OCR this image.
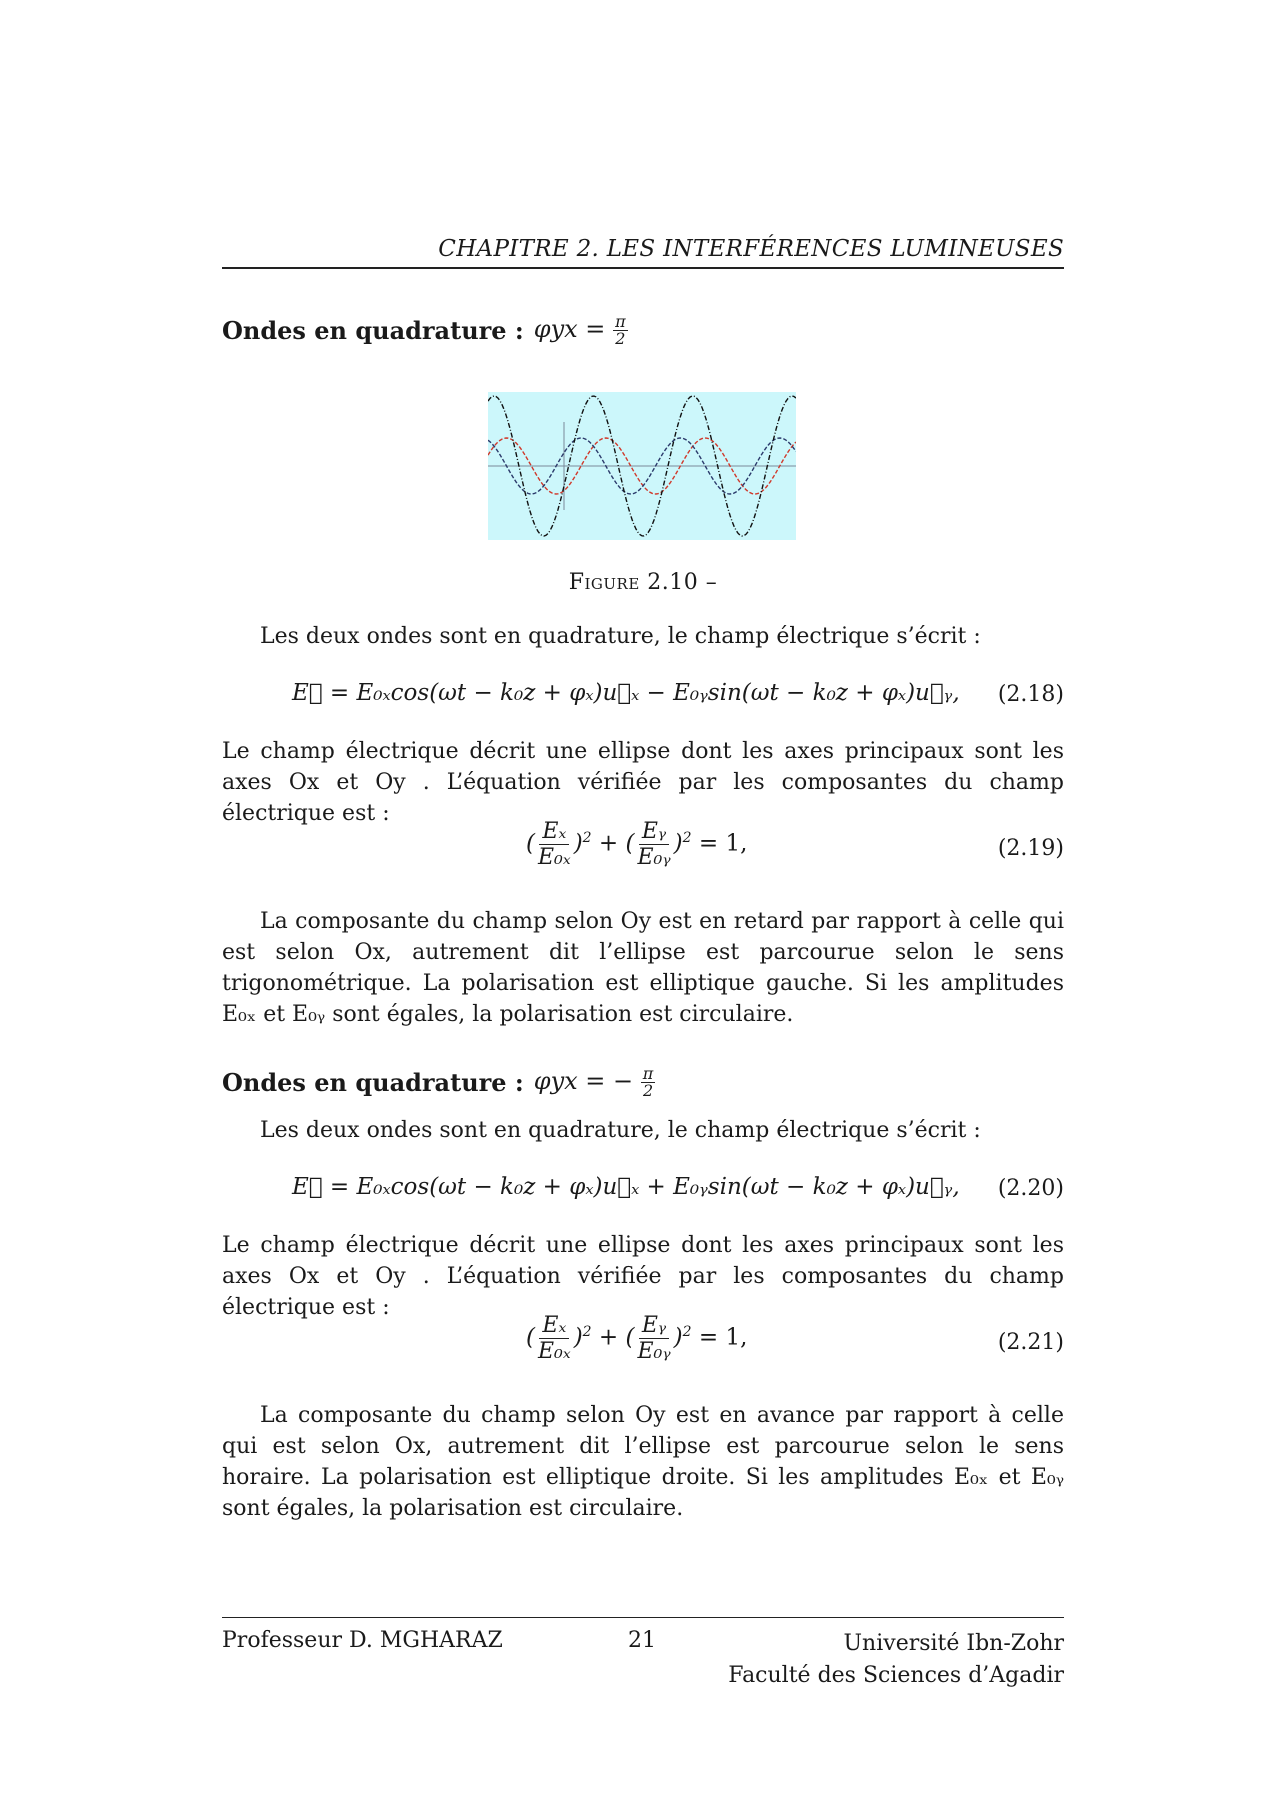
CHAPITRE 2. LES INTERFÉRENCES LUMINEUSES
Ondes en quadrature : $\varphi yx = \frac{\pi}{2}$
Figure 2.10 –
Les deux ondes sont en quadrature, le champ électrique s’écrit :
E⃗ = E₀ₓcos(ωt − k₀z + φₓ)u⃗ₓ − E₀ᵧsin(ωt − k₀z + φₓ)u⃗ᵧ, (2.18)

Le champ électrique décrit une ellipse dont les axes principaux sont les axes Ox et Oy . L’équation vérifiée par les composantes du champ électrique est :

( $\frac{\text{Eₓ}}{\text{E₀ₓ}} )^2$ + ( $\frac{\text{Eᵧ}}{\text{E₀ᵧ}} )^2 = 1$,	(2.19)

La composante du champ selon Oy est en retard par rapport à celle qui est selon Ox, autrement dit l’ellipse est parcourue selon le sens trigonométrique. La polarisation est elliptique gauche. Si les amplitudes E₀ₓ et E₀ᵧ sont égales, la polarisation est circulaire.

Ondes en quadrature : φyx = − $\frac{\pi}{2}$
Les deux ondes sont en quadrature, le champ électrique s’écrit :
E⃗ = E₀ₓcos(ωt − k₀z + φₓ)u⃗ₓ + E₀ᵧsin(ωt − k₀z + φₓ)u⃗ᵧ, (2.20)

Le champ électrique décrit une ellipse dont les axes principaux sont les axes Ox et Oy . L’équation vérifiée par les composantes du champ électrique est :

( $\frac{\text{Eₓ}}{\text{E₀ₓ}} )^2$ + ( $\frac{\text{Eᵧ}}{\text{E₀ᵧ}} )^2 = 1$,	(2.21)

La composante du champ selon Oy est en avance par rapport à celle qui est selon Ox, autrement dit l’ellipse est parcourue selon le sens horaire. La polarisation est elliptique droite. Si les amplitudes E₀ₓ et E₀ᵧ sont égales, la polarisation est circulaire.

Professeur D. MGHARAZ	21	Université Ibn-Zohr
Faculté des Sciences d’Agadir
